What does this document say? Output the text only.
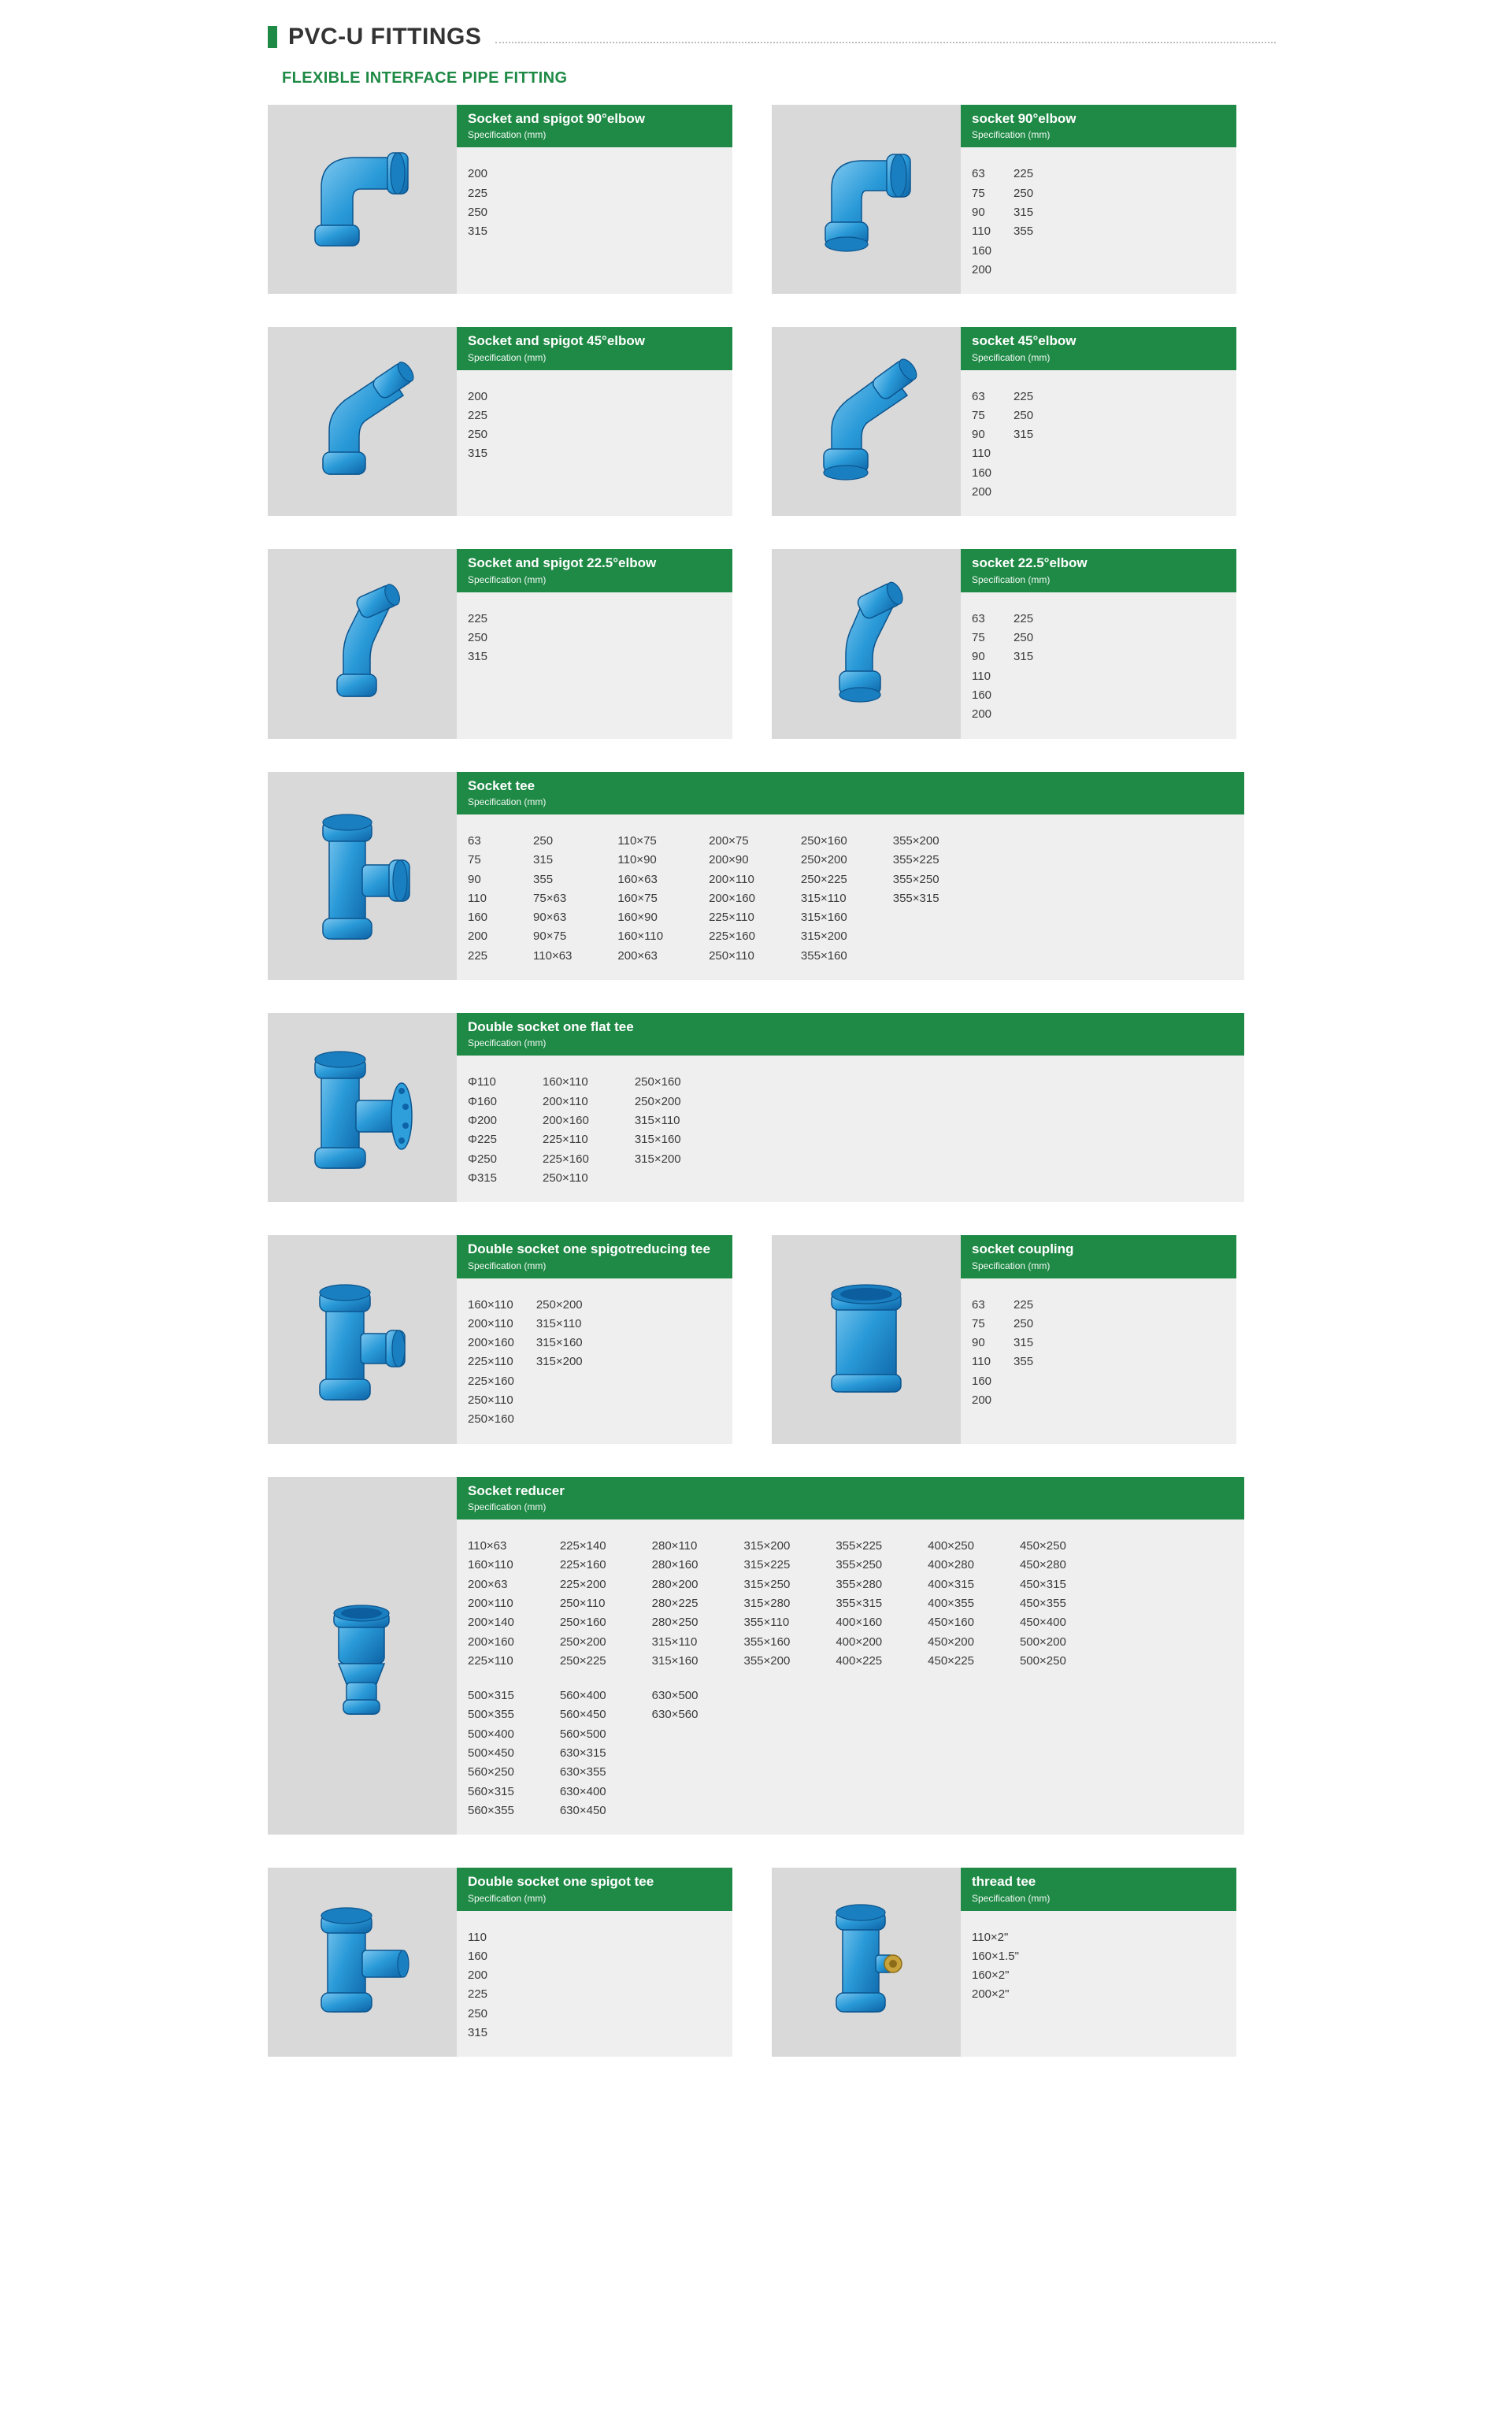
PVC-U FITTINGS
FLEXIBLE INTERFACE PIPE FITTING
Socket and spigot 90°elbow
Specification (mm)
200
225
250
315
socket 90°elbow
Specification (mm)
63
75
90
110
160
200
225
250
315
355
Socket and spigot 45°elbow
Specification (mm)
200
225
250
315
socket 45°elbow
Specification (mm)
63
75
90
110
160
200
225
250
315
Socket and spigot 22.5°elbow
Specification (mm)
225
250
315
socket 22.5°elbow
Specification (mm)
63
75
90
110
160
200
225
250
315
Socket tee
Specification (mm)
63
75
90
110
160
200
225
250
315
355
75×63
90×63
90×75
110×63
110×75
110×90
160×63
160×75
160×90
160×110
200×63
200×75
200×90
200×110
200×160
225×110
225×160
250×110
250×160
250×200
250×225
315×110
315×160
315×200
355×160
355×200
355×225
355×250
355×315
Double socket one flat tee
Specification (mm)
Φ110
Φ160
Φ200
Φ225
Φ250
Φ315
160×110
200×110
200×160
225×110
225×160
250×110
250×160
250×200
315×110
315×160
315×200
Double socket one spigotreducing tee
Specification (mm)
160×110
200×110
200×160
225×110
225×160
250×110
250×160
250×200
315×110
315×160
315×200
socket coupling
Specification (mm)
63
75
90
110
160
200
225
250
315
355
Socket reducer
Specification (mm)
110×63
160×110
200×63
200×110
200×140
200×160
225×110
225×140
225×160
225×200
250×110
250×160
250×200
250×225
280×110
280×160
280×200
280×225
280×250
315×110
315×160
315×200
315×225
315×250
315×280
355×110
355×160
355×200
355×225
355×250
355×280
355×315
400×160
400×200
400×225
400×250
400×280
400×315
400×355
450×160
450×200
450×225
450×250
450×280
450×315
450×355
450×400
500×200
500×250
500×315
500×355
500×400
500×450
560×250
560×315
560×355
560×400
560×450
560×500
630×315
630×355
630×400
630×450
630×500
630×560
Double socket one spigot tee
Specification (mm)
110
160
200
225
250
315
thread tee
Specification (mm)
110×2"
160×1.5"
160×2"
200×2"
